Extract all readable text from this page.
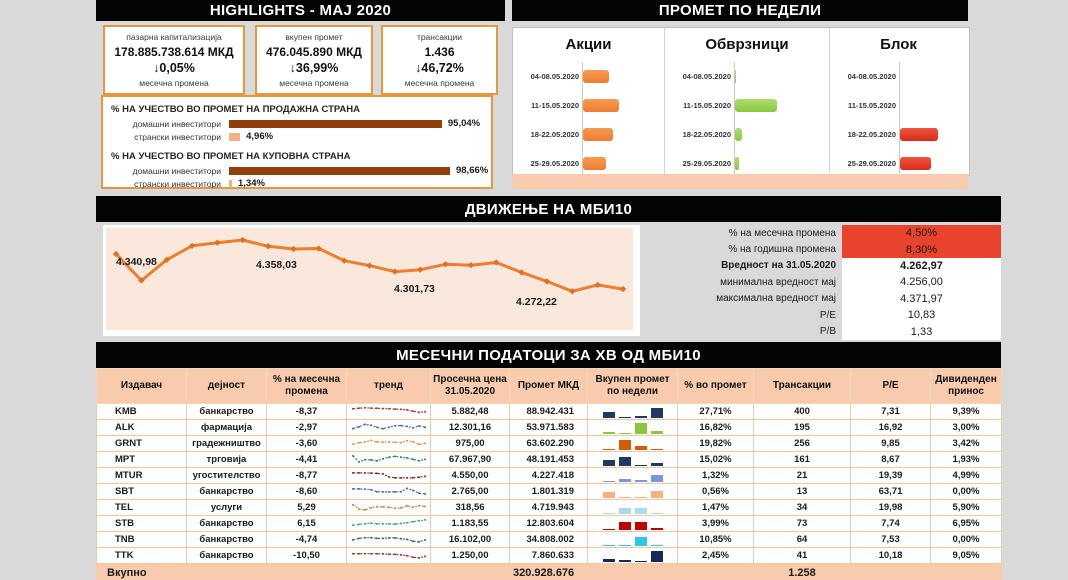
HIGHLIGHTS - МАЈ 2020
пазарна капитализација
178.885.738.614 МКД
↓0,05%
месечна промена
вкупен промет
476.045.890 МКД
↓36,99%
месечна промена
трансакции
1.436
↓46,72%
месечна промена
% НА УЧЕСТВО ВО ПРОМЕТ НА ПРОДАЖНА СТРАНА
домашни инвеститори	95,04%
странски инвеститори	4,96%
% НА УЧЕСТВО ВО ПРОМЕТ НА КУПОВНА СТРАНА
домашни инвеститори	98,66%
странски инвеститори	1,34%
ПРОМЕТ ПО НЕДЕЛИ
Акции
04-08.05.2020
11-15.05.2020
18-22.05.2020
25-29.05.2020
Обврзници
04-08.05.2020
11-15.05.2020
18-22.05.2020
25-29.05.2020
Блок
04-08.05.2020
11-15.05.2020
18-22.05.2020
25-29.05.2020
ДВИЖЕЊЕ НА МБИ10
4.340,98	4.358,03
4.301,73
4.272,22
% на месечна промена	4,50%
% на годишна промена	8,30%
Вредност на 31.05.2020	4.262,97
минимална вредност мај	4.256,00
максимална вредност мај	4.371,97
P/E	10,83
P/B	1,33
МЕСЕЧНИ ПОДАТОЦИ ЗА ХВ ОД МБИ10
Издавач	дејност	% на месечна промена	тренд	Просечна цена 31.05.2020	Промет МКД	Вкупен промет по недели	% во промет	Трансакции	Р/Е	Дивиденден принос
KMB	банкарство	-8,37		5.882,48	88.942.431		27,71%	400	7,31	9,39%
ALK	фармација	-2,97		12.301,16	53.971.583		16,82%	195	16,92	3,00%
GRNT	градежништво	-3,60		975,00	63.602.290		19,82%	256	9,85	3,42%
MPT	трговија	-4,41		67.967,90	48.191.453		15,02%	161	8,67	1,93%
MTUR	угостителство	-8,77		4.550,00	4.227.418		1,32%	21	19,39	4,99%
SBT	банкарство	-8,60		2.765,00	1.801.319		0,56%	13	63,71	0,00%
TEL	услуги	5,29		318,56	4.719.943		1,47%	34	19,98	5,90%
STB	банкарство	6,15		1.183,55	12.803.604		3,99%	73	7,74	6,95%
TNB	банкарство	-4,74		16.102,00	34.808.002		10,85%	64	7,53	0,00%
TTK	банкарство	-10,50		1.250,00	7.860.633		2,45%	41	10,18	9,05%
Вкупно					320.928.676			1.258		
